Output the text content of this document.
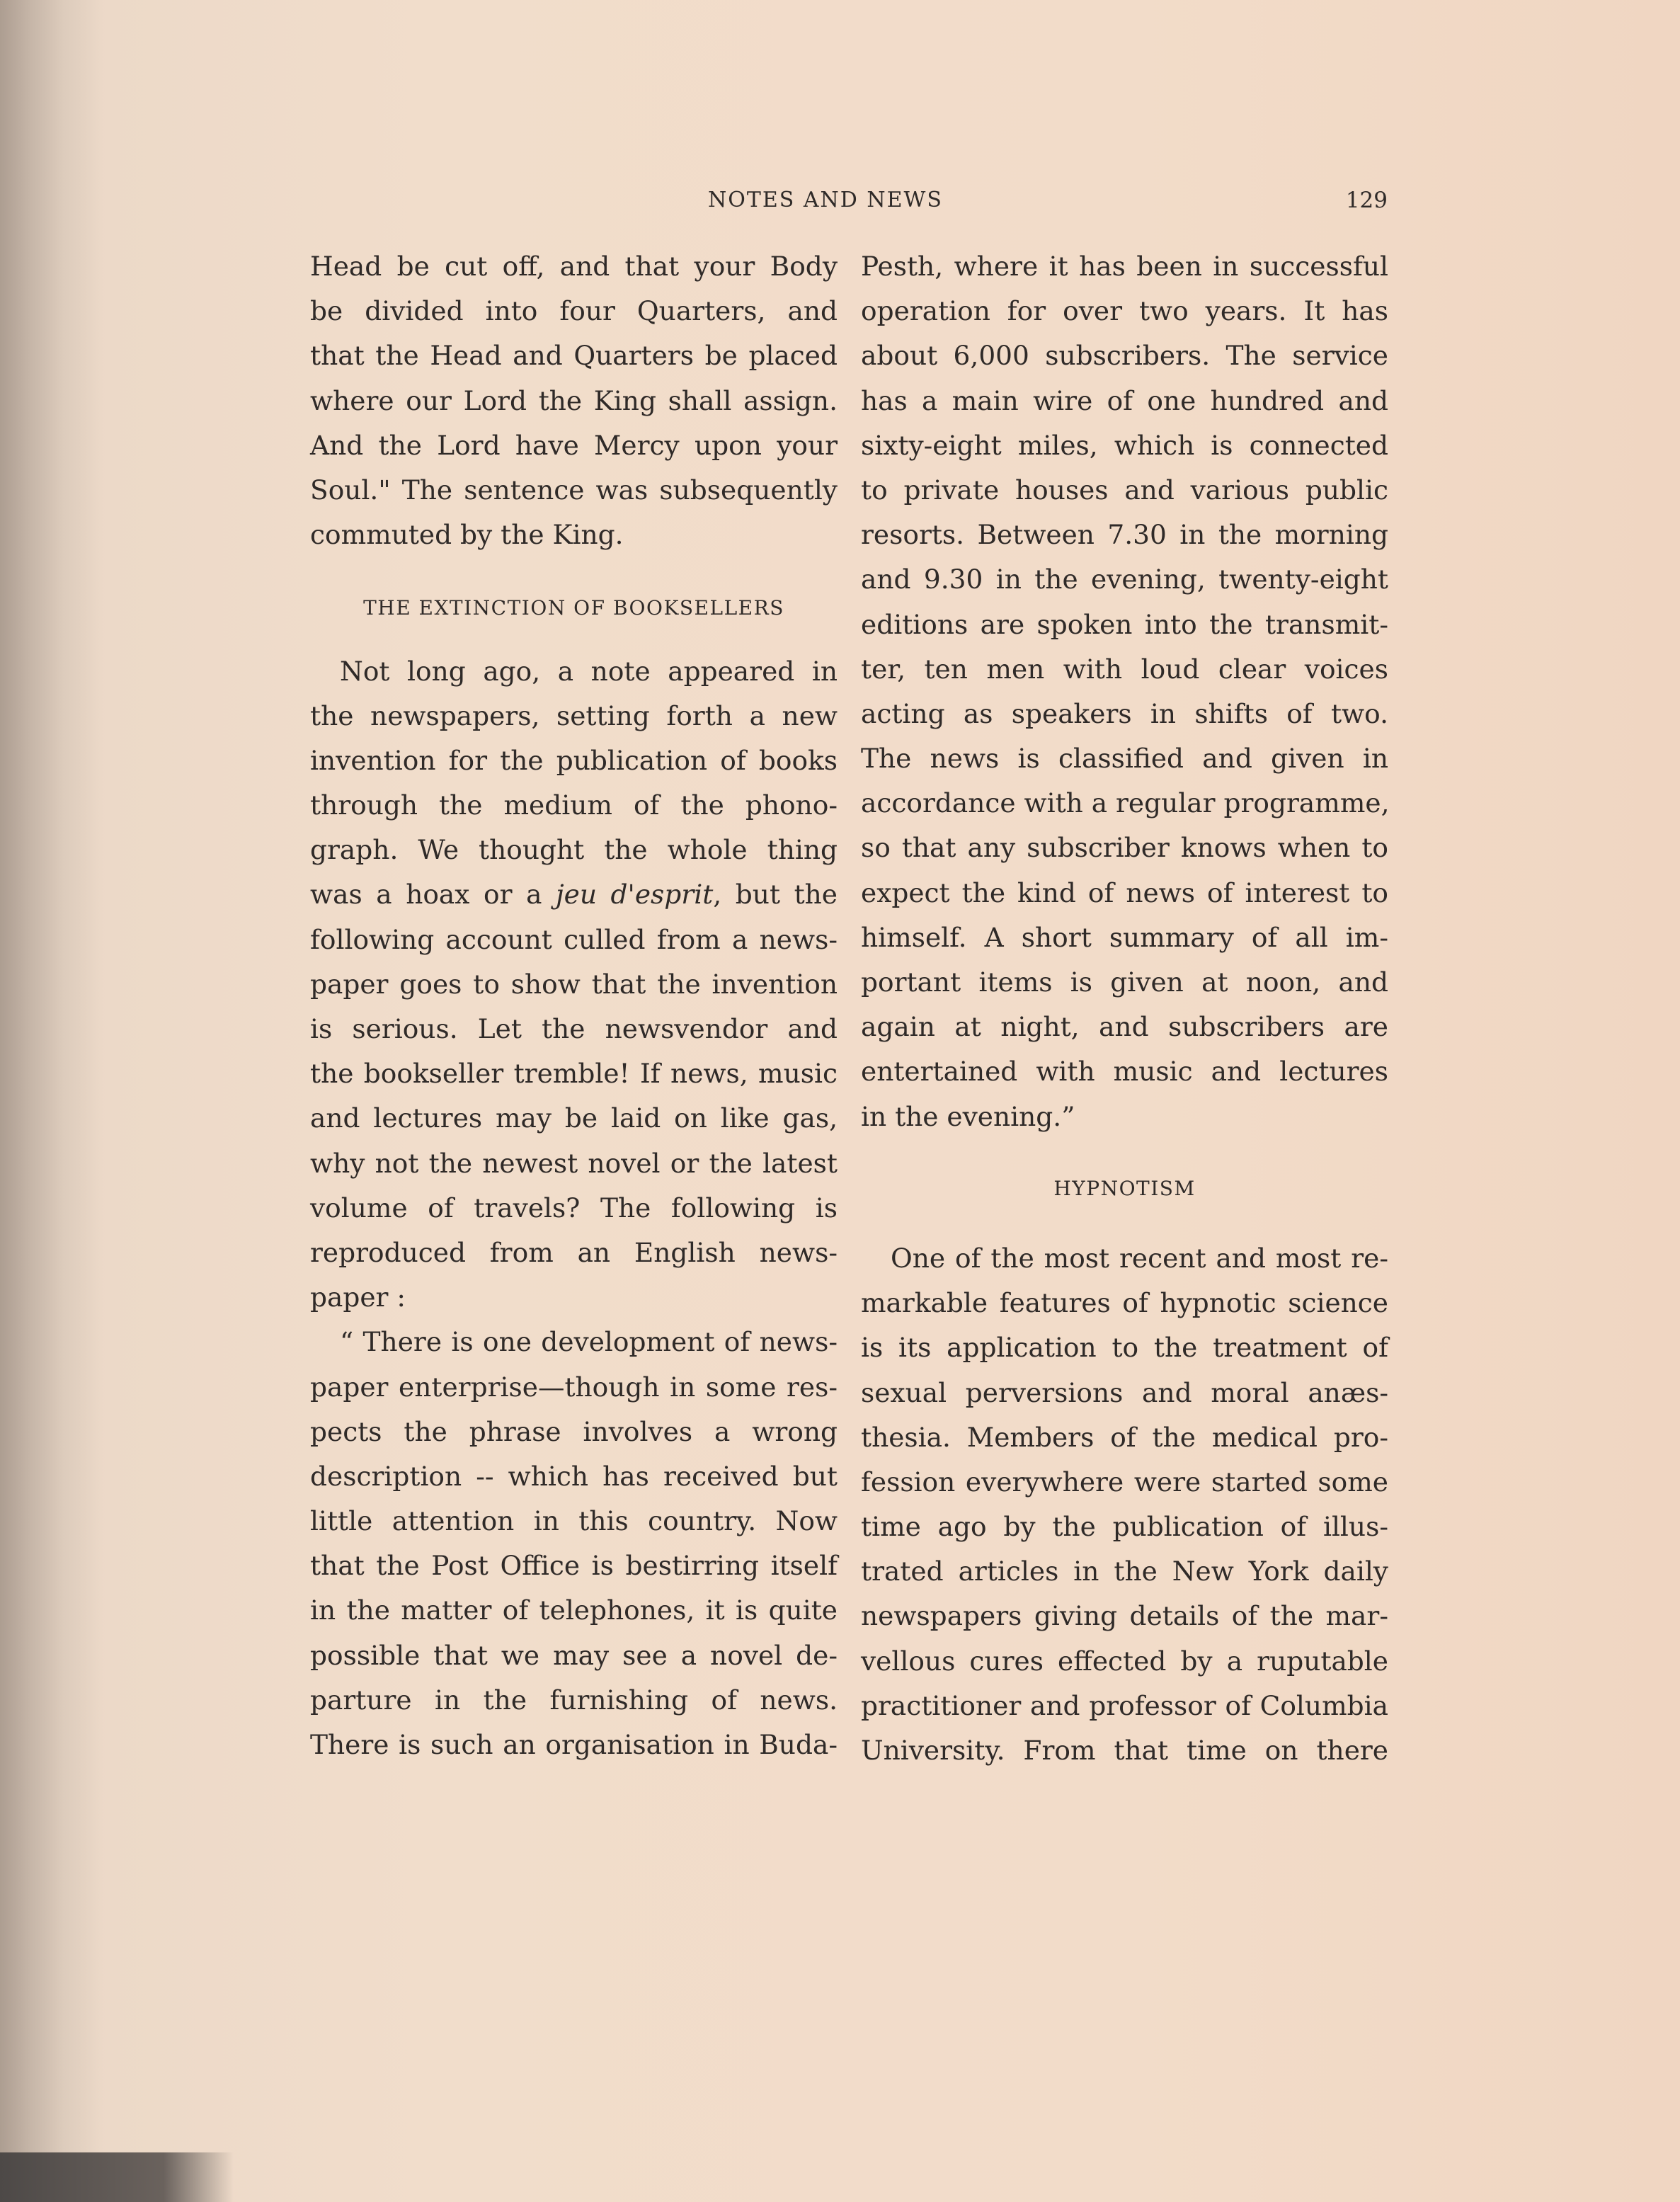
NOTES AND NEWS	129
Head be cut off, and that your Body
be divided into four Quarters, and
that the Head and Quarters be placed
where our Lord the King shall assign.
And the Lord have Mercy upon your
Soul." The sentence was subsequently
commuted by the King.
THE EXTINCTION OF BOOKSELLERS
Not long ago, a note appeared in
the newspapers, setting forth a new
invention for the publication of books
through the medium of the phono-
graph. We thought the whole thing
was a hoax or a jeu d'esprit, but the
following account culled from a news-
paper goes to show that the invention
is serious. Let the newsvendor and
the bookseller tremble! If news, music
and lectures may be laid on like gas,
why not the newest novel or the latest
volume of travels? The following is
reproduced from an English news-
paper :
“ There is one development of news-
paper enterprise—though in some res-
pects the phrase involves a wrong
description -- which has received but
little attention in this country. Now
that the Post Office is bestirring itself
in the matter of telephones, it is quite
possible that we may see a novel de-
parture in the furnishing of news.
There is such an organisation in Buda-
Pesth, where it has been in successful
operation for over two years. It has
about 6,000 subscribers. The service
has a main wire of one hundred and
sixty-eight miles, which is connected
to private houses and various public
resorts. Between 7.30 in the morning
and 9.30 in the evening, twenty-eight
editions are spoken into the transmit-
ter, ten men with loud clear voices
acting as speakers in shifts of two.
The news is classified and given in
accordance with a regular programme,
so that any subscriber knows when to
expect the kind of news of interest to
himself. A short summary of all im-
portant items is given at noon, and
again at night, and subscribers are
entertained with music and lectures
in the evening.”
HYPNOTISM
One of the most recent and most re-
markable features of hypnotic science
is its application to the treatment of
sexual perversions and moral anæs-
thesia. Members of the medical pro-
fession everywhere were started some
time ago by the publication of illus-
trated articles in the New York daily
newspapers giving details of the mar-
vellous cures effected by a ruputable
practitioner and professor of Columbia
University. From that time on there
